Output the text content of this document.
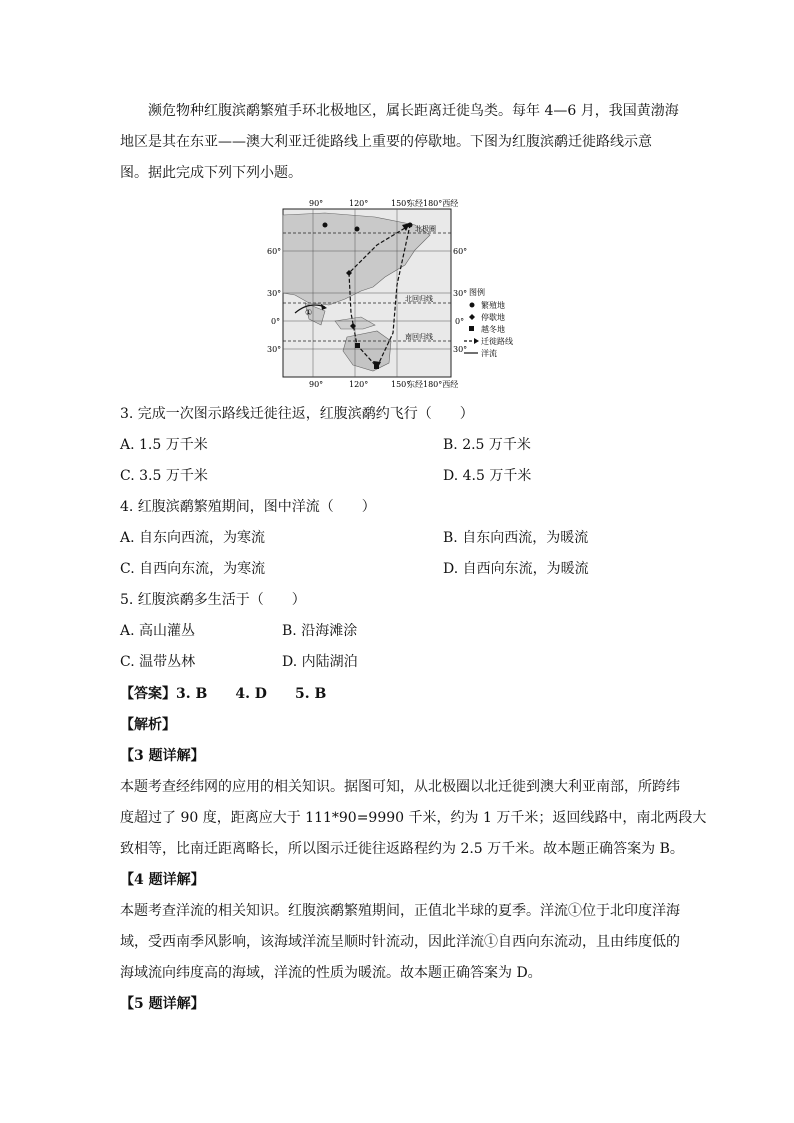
濒危物种红腹滨鹬繁殖手环北极地区，属长距离迁徙鸟类。每年 4—6 月，我国黄渤海
地区是其在东亚——澳大利亚迁徙路线上重要的停歇地。下图为红腹滨鹬迁徙路线示意
图。据此完成下列下列小题。
90°	120°	150°
东经180°西经
90°	120°	150°
东经180°西经
60°
30°
0°
30°
60°
30°
0°
30°
北极圈
北回归线
南回归线
①
图例
繁殖地
停歇地
越冬地
迁徙路线
洋流
3. 完成一次图示路线迁徙往返，红腹滨鹬约飞行（　　）
A. 1.5 万千米	B. 2.5 万千米
C. 3.5 万千米	D. 4.5 万千米
4. 红腹滨鹬繁殖期间，图中洋流（　　）
A. 自东向西流，为寒流	B. 自东向西流，为暖流
C. 自西向东流，为寒流	D. 自西向东流，为暖流
5. 红腹滨鹬多生活于（　　）
A. 高山灌丛	B. 沿海滩涂
C. 温带丛林	D. 内陆湖泊
【答案】3. B　　4. D　　5. B
【解析】
【3 题详解】
本题考查经纬网的应用的相关知识。据图可知，从北极圈以北迁徙到澳大利亚南部，所跨纬
度超过了 90 度，距离应大于 111*90=9990 千米，约为 1 万千米；返回线路中，南北两段大
致相等，比南迁距离略长，所以图示迁徙往返路程约为 2.5 万千米。故本题正确答案为 B。
【4 题详解】
本题考查洋流的相关知识。红腹滨鹬繁殖期间，正值北半球的夏季。洋流①位于北印度洋海
域，受西南季风影响，该海域洋流呈顺时针流动，因此洋流①自西向东流动，且由纬度低的
海域流向纬度高的海域，洋流的性质为暖流。故本题正确答案为 D。
【5 题详解】
